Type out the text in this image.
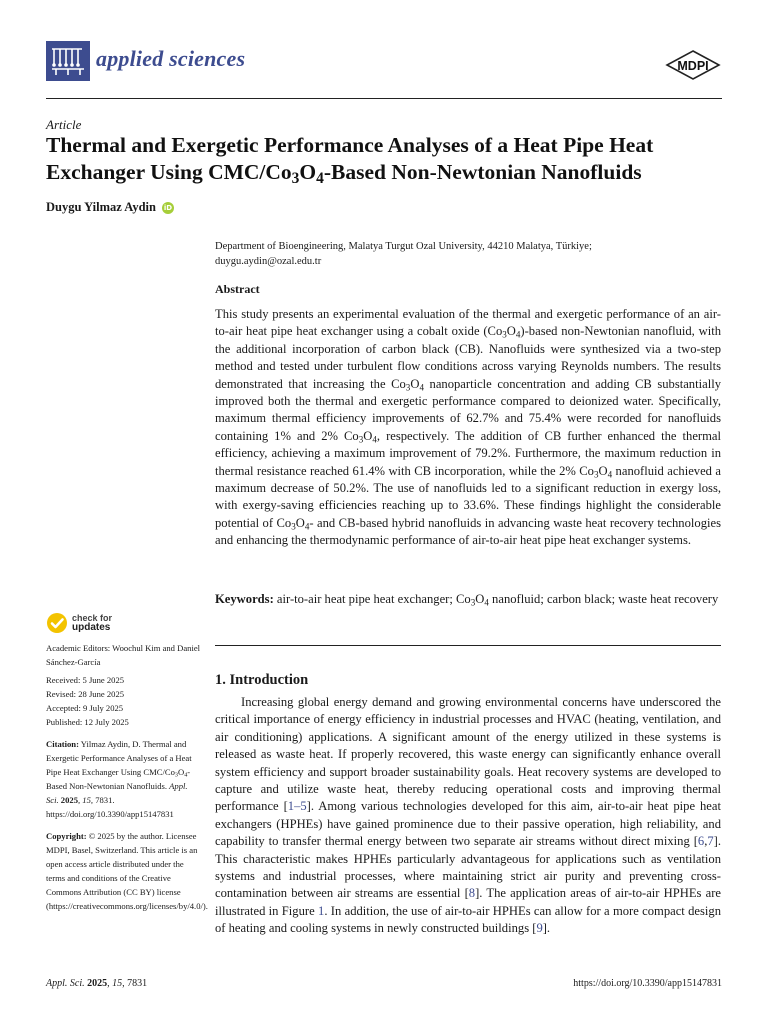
applied sciences	MDPI
Article
Thermal and Exergetic Performance Analyses of a Heat Pipe Heat Exchanger Using CMC/$Co_3O_4$-Based Non-Newtonian Nanofluids
Duygu Yilmaz Aydin iD
Department of Bioengineering, Malatya Turgut Ozal University, 44210 Malatya, Türkiye;
duygu.aydin@ozal.edu.tr
Abstract
This study presents an experimental evaluation of the thermal and exergetic performance of an air-to-air heat pipe heat exchanger using a cobalt oxide $(Co_3O_4)$-based non-Newtonian nanofluid, with the additional incorporation of carbon black (CB). Nanofluids were synthesized via a two-step method and tested under turbulent flow conditions across varying Reynolds numbers. The results demonstrated that increasing the $Co_3O_4$ nanoparticle concentration and adding CB substantially improved both the thermal and exergetic performance compared to deionized water. Specifically, maximum thermal efficiency improvements of 62.7% and 75.4% were recorded for nanofluids containing 1% and 2% $Co_3O_4$, respectively. The addition of CB further enhanced the thermal efficiency, achieving a maximum improvement of 79.2%. Furthermore, the maximum reduction in thermal resistance reached 61.4% with CB incorporation, while the 2% $Co_3O_4$ nanofluid achieved a maximum decrease of 50.2%. The use of nanofluids led to a significant reduction in exergy loss, with exergy-saving efficiencies reaching up to 33.6%. These findings highlight the considerable potential of $Co_3O_4-$ and CB-based hybrid nanofluids in advancing waste heat recovery technologies and enhancing the thermodynamic performance of air-to-air heat pipe heat exchanger systems.
Keywords: air-to-air heat pipe heat exchanger; $Co_3O_4$ nanofluid; carbon black; waste heat recovery
check for
updates
Academic Editors: Woochul Kim and Daniel Sánchez-García
Received: 5 June 2025
Revised: 28 June 2025
Accepted: 9 July 2025
Published: 12 July 2025
Citation: Yilmaz Aydin, D. Thermal and Exergetic Performance Analyses of a Heat Pipe Heat Exchanger Using CMC/$Co_3O_4$-Based Non-Newtonian Nanofluids. Appl. Sci. 2025, 15, 7831. https://doi.org/10.3390/app15147831
Copyright: © 2025 by the author. Licensee MDPI, Basel, Switzerland. This article is an open access article distributed under the terms and conditions of the Creative Commons Attribution (CC BY) license (https://creativecommons.org/licenses/by/4.0/).
1. Introduction
Increasing global energy demand and growing environmental concerns have underscored the critical importance of energy efficiency in industrial processes and HVAC (heating, ventilation, and air conditioning) applications. A significant amount of the energy utilized in these systems is released as waste heat. If properly recovered, this waste energy can significantly enhance overall system efficiency and support broader sustainability goals. Heat recovery systems are developed to capture and utilize waste heat, thereby reducing operational costs and improving thermal performance [1–5]. Among various technologies developed for this aim, air-to-air heat pipe heat exchangers (HPHEs) have gained prominence due to their passive operation, high reliability, and capability to transfer thermal energy between two separate air streams without direct mixing [6,7]. This characteristic makes HPHEs particularly advantageous for applications such as ventilation systems and industrial processes, where maintaining strict air purity and preventing cross-contamination between air streams are essential [8]. The application areas of air-to-air HPHEs are illustrated in Figure 1. In addition, the use of air-to-air HPHEs can allow for a more compact design of heating and cooling systems in newly constructed buildings [9].
Appl. Sci. 2025, 15, 7831	https://doi.org/10.3390/app15147831
